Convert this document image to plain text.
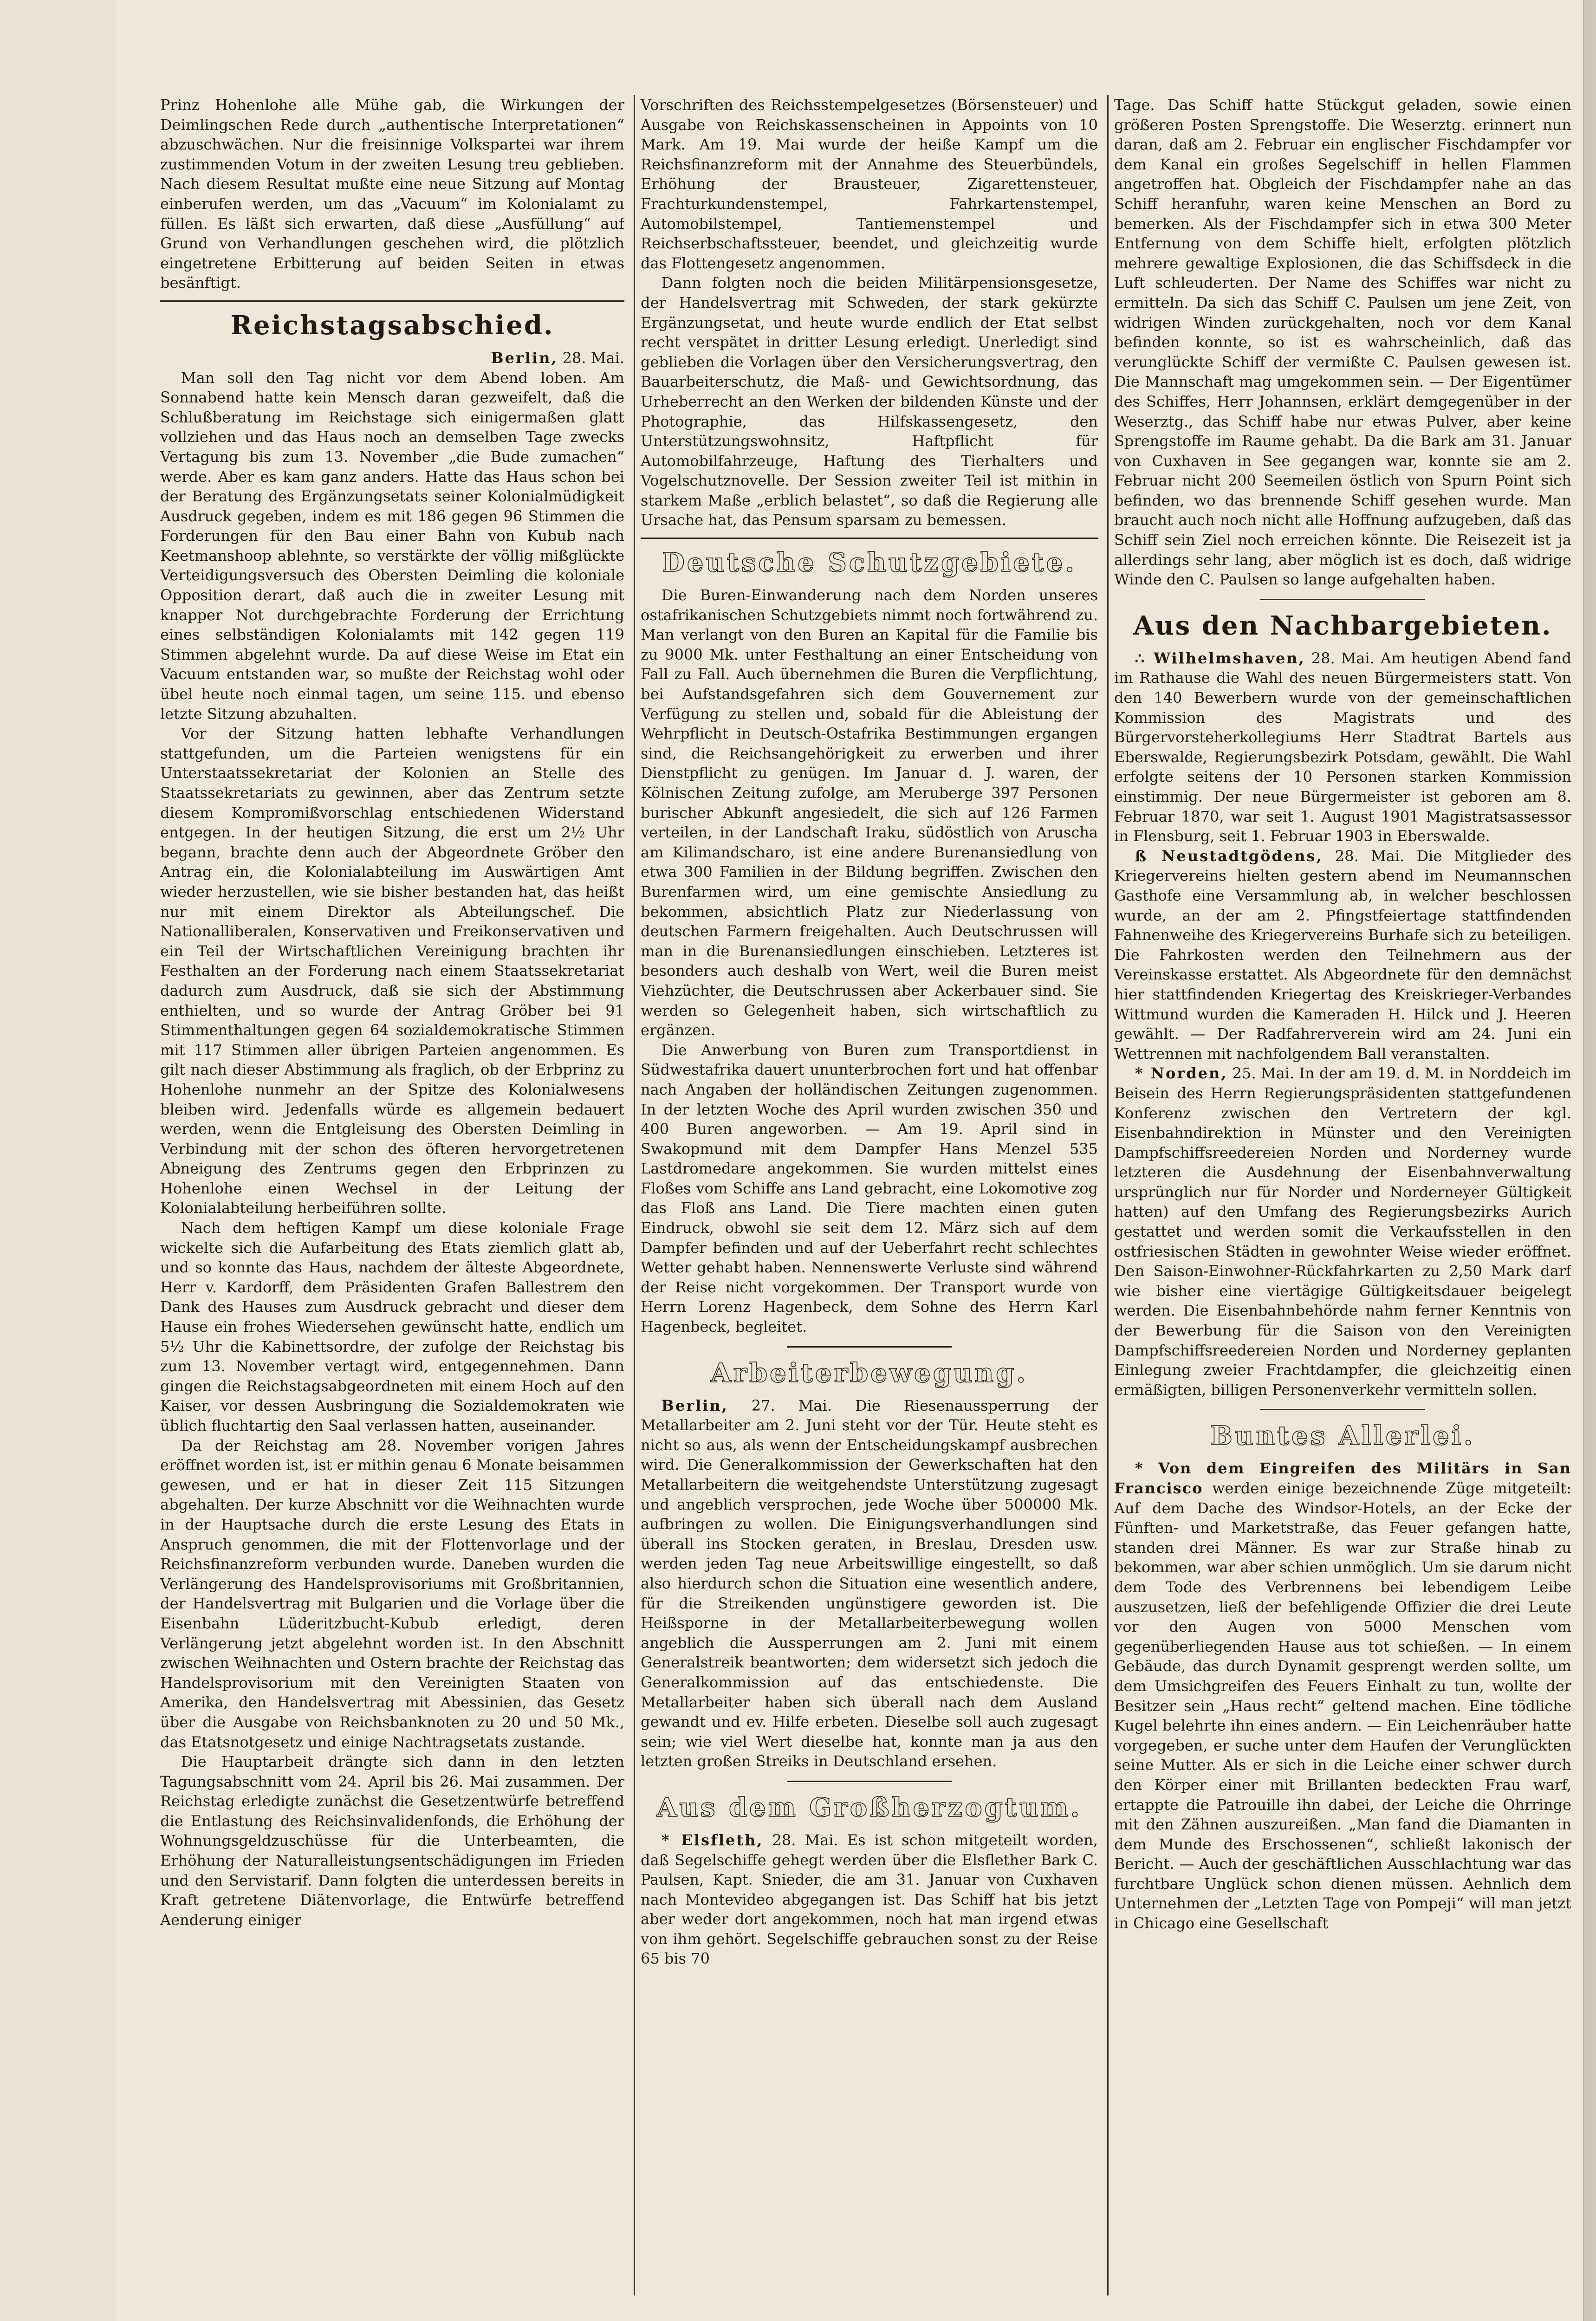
Prinz Hohenlohe alle Mühe gab, die Wirkungen der Deimlingschen Rede durch „authentische Interpretationen“ abzuschwächen. Nur die freisinnige Volkspartei war ihrem zustimmenden Votum in der zweiten Lesung treu geblieben. Nach diesem Resultat mußte eine neue Sitzung auf Montag einberufen werden, um das „Vacuum“ im Kolonialamt zu füllen. Es läßt sich erwarten, daß diese „Ausfüllung“ auf Grund von Verhandlungen geschehen wird, die plötzlich eingetretene Erbitterung auf beiden Seiten in etwas besänftigt.

Reichstagsabschied.

Berlin, 28. Mai.

Man soll den Tag nicht vor dem Abend loben. Am Sonnabend hatte kein Mensch daran gezweifelt, daß die Schlußberatung im Reichstage sich einigermaßen glatt vollziehen und das Haus noch an demselben Tage zwecks Vertagung bis zum 13. November „die Bude zumachen“ werde. Aber es kam ganz anders. Hatte das Haus schon bei der Beratung des Ergänzungsetats seiner Kolonialmüdigkeit Ausdruck gegeben, indem es mit 186 gegen 96 Stimmen die Forderungen für den Bau einer Bahn von Kubub nach Keetmanshoop ablehnte, so verstärkte der völlig mißglückte Verteidigungsversuch des Obersten Deimling die koloniale Opposition derart, daß auch die in zweiter Lesung mit knapper Not durchgebrachte Forderung der Errichtung eines selbständigen Kolonialamts mit 142 gegen 119 Stimmen abgelehnt wurde. Da auf diese Weise im Etat ein Vacuum entstanden war, so mußte der Reichstag wohl oder übel heute noch einmal tagen, um seine 115. und ebenso letzte Sitzung abzuhalten.

Vor der Sitzung hatten lebhafte Verhandlungen stattgefunden, um die Parteien wenigstens für ein Unterstaatssekretariat der Kolonien an Stelle des Staatssekretariats zu gewinnen, aber das Zentrum setzte diesem Kompromißvorschlag entschiedenen Widerstand entgegen. In der heutigen Sitzung, die erst um 2½ Uhr begann, brachte denn auch der Abgeordnete Gröber den Antrag ein, die Kolonialabteilung im Auswärtigen Amt wieder herzustellen, wie sie bisher bestanden hat, das heißt nur mit einem Direktor als Abteilungschef. Die Nationalliberalen, Konservativen und Freikonservativen und ein Teil der Wirtschaftlichen Vereinigung brachten ihr Festhalten an der Forderung nach einem Staatssekretariat dadurch zum Ausdruck, daß sie sich der Abstimmung enthielten, und so wurde der Antrag Gröber bei 91 Stimmenthaltungen gegen 64 sozialdemokratische Stimmen mit 117 Stimmen aller übrigen Parteien angenommen. Es gilt nach dieser Abstimmung als fraglich, ob der Erbprinz zu Hohenlohe nunmehr an der Spitze des Kolonialwesens bleiben wird. Jedenfalls würde es allgemein bedauert werden, wenn die Entgleisung des Obersten Deimling in Verbindung mit der schon des öfteren hervorgetretenen Abneigung des Zentrums gegen den Erbprinzen zu Hohenlohe einen Wechsel in der Leitung der Kolonialabteilung herbeiführen sollte.

Nach dem heftigen Kampf um diese koloniale Frage wickelte sich die Aufarbeitung des Etats ziemlich glatt ab, und so konnte das Haus, nachdem der älteste Abgeordnete, Herr v. Kardorff, dem Präsidenten Grafen Ballestrem den Dank des Hauses zum Ausdruck gebracht und dieser dem Hause ein frohes Wiedersehen gewünscht hatte, endlich um 5½ Uhr die Kabinettsordre, der zufolge der Reichstag bis zum 13. November vertagt wird, entgegennehmen. Dann gingen die Reichstagsabgeordneten mit einem Hoch auf den Kaiser, vor dessen Ausbringung die Sozialdemokraten wie üblich fluchtartig den Saal verlassen hatten, auseinander.

Da der Reichstag am 28. November vorigen Jahres eröffnet worden ist, ist er mithin genau 6 Monate beisammen gewesen, und er hat in dieser Zeit 115 Sitzungen abgehalten. Der kurze Abschnitt vor die Weihnachten wurde in der Hauptsache durch die erste Lesung des Etats in Anspruch genommen, die mit der Flottenvorlage und der Reichsfinanzreform verbunden wurde. Daneben wurden die Verlängerung des Handelsprovisoriums mit Großbritannien, der Handelsvertrag mit Bulgarien und die Vorlage über die Eisenbahn Lüderitzbucht-Kubub erledigt, deren Verlängerung jetzt abgelehnt worden ist. In den Abschnitt zwischen Weihnachten und Ostern brachte der Reichstag das Handelsprovisorium mit den Vereinigten Staaten von Amerika, den Handelsvertrag mit Abessinien, das Gesetz über die Ausgabe von Reichsbanknoten zu 20 und 50 Mk., das Etatsnotgesetz und einige Nachtragsetats zustande.

Die Hauptarbeit drängte sich dann in den letzten Tagungsabschnitt vom 24. April bis 26. Mai zusammen. Der Reichstag erledigte zunächst die Gesetzentwürfe betreffend die Entlastung des Reichsinvalidenfonds, die Erhöhung der Wohnungsgeldzuschüsse für die Unterbeamten, die Erhöhung der Naturalleistungsentschädigungen im Frieden und den Servistarif. Dann folgten die unterdessen bereits in Kraft getretene Diätenvorlage, die Entwürfe betreffend Aenderung einiger

Vorschriften des Reichsstempelgesetzes (Börsensteuer) und Ausgabe von Reichskassenscheinen in Appoints von 10 Mark. Am 19. Mai wurde der heiße Kampf um die Reichsfinanzreform mit der Annahme des Steuerbündels, Erhöhung der Brausteuer, Zigarettensteuer, Frachturkundenstempel, Fahrkartenstempel, Automobilstempel, Tantiemenstempel und Reichserbschaftssteuer, beendet, und gleichzeitig wurde das Flottengesetz angenommen.

Dann folgten noch die beiden Militärpensionsgesetze, der Handelsvertrag mit Schweden, der stark gekürzte Ergänzungsetat, und heute wurde endlich der Etat selbst recht verspätet in dritter Lesung erledigt. Unerledigt sind geblieben die Vorlagen über den Versicherungsvertrag, den Bauarbeiterschutz, die Maß- und Gewichtsordnung, das Urheberrecht an den Werken der bildenden Künste und der Photographie, das Hilfskassengesetz, den Unterstützungswohnsitz, Haftpflicht für Automobilfahrzeuge, Haftung des Tierhalters und Vogelschutznovelle. Der Session zweiter Teil ist mithin in starkem Maße „erblich belastet“, so daß die Regierung alle Ursache hat, das Pensum sparsam zu bemessen.

Deutsche Schutzgebiete.

Die Buren-Einwanderung nach dem Norden unseres ostafrikanischen Schutzgebiets nimmt noch fortwährend zu. Man verlangt von den Buren an Kapital für die Familie bis zu 9000 Mk. unter Festhaltung an einer Entscheidung von Fall zu Fall. Auch übernehmen die Buren die Verpflichtung, bei Aufstandsgefahren sich dem Gouvernement zur Verfügung zu stellen und, sobald für die Ableistung der Wehrpflicht in Deutsch-Ostafrika Bestimmungen ergangen sind, die Reichsangehörigkeit zu erwerben und ihrer Dienstpflicht zu genügen. Im Januar d. J. waren, der Kölnischen Zeitung zufolge, am Meruberge 397 Personen burischer Abkunft angesiedelt, die sich auf 126 Farmen verteilen, in der Landschaft Iraku, südöstlich von Aruscha am Kilimandscharo, ist eine andere Burenansiedlung von etwa 300 Familien in der Bildung begriffen. Zwischen den Burenfarmen wird, um eine gemischte Ansiedlung zu bekommen, absichtlich Platz zur Niederlassung von deutschen Farmern freigehalten. Auch Deutschrussen will man in die Burenansiedlungen einschieben. Letzteres ist besonders auch deshalb von Wert, weil die Buren meist Viehzüchter, die Deutschrussen aber Ackerbauer sind. Sie werden so Gelegenheit haben, sich wirtschaftlich zu ergänzen.

Die Anwerbung von Buren zum Transportdienst in Südwestafrika dauert ununterbrochen fort und hat offenbar nach Angaben der holländischen Zeitungen zugenommen. In der letzten Woche des April wurden zwischen 350 und 400 Buren angeworben. — Am 19. April sind in Swakopmund mit dem Dampfer Hans Menzel 535 Lastdromedare angekommen. Sie wurden mittelst eines Floßes vom Schiffe ans Land gebracht, eine Lokomotive zog das Floß ans Land. Die Tiere machten einen guten Eindruck, obwohl sie seit dem 12. März sich auf dem Dampfer befinden und auf der Ueberfahrt recht schlechtes Wetter gehabt haben. Nennenswerte Verluste sind während der Reise nicht vorgekommen. Der Transport wurde von Herrn Lorenz Hagenbeck, dem Sohne des Herrn Karl Hagenbeck, begleitet.

Arbeiterbewegung.

Berlin, 27. Mai. Die Riesenaussperrung der Metallarbeiter am 2. Juni steht vor der Tür. Heute steht es nicht so aus, als wenn der Entscheidungskampf ausbrechen wird. Die Generalkommission der Gewerkschaften hat den Metallarbeitern die weitgehendste Unterstützung zugesagt und angeblich versprochen, jede Woche über 500000 Mk. aufbringen zu wollen. Die Einigungsverhandlungen sind überall ins Stocken geraten, in Breslau, Dresden usw. werden jeden Tag neue Arbeitswillige eingestellt, so daß also hierdurch schon die Situation eine wesentlich andere, für die Streikenden ungünstigere geworden ist. Die Heißsporne in der Metallarbeiterbewegung wollen angeblich die Aussperrungen am 2. Juni mit einem Generalstreik beantworten; dem widersetzt sich jedoch die Generalkommission auf das entschiedenste. Die Metallarbeiter haben sich überall nach dem Ausland gewandt und ev. Hilfe erbeten. Dieselbe soll auch zugesagt sein; wie viel Wert dieselbe hat, konnte man ja aus den letzten großen Streiks in Deutschland ersehen.

Aus dem Großherzogtum.

* Elsfleth, 28. Mai. Es ist schon mitgeteilt worden, daß Segelschiffe gehegt werden über die Elsflether Bark C. Paulsen, Kapt. Snieder, die am 31. Januar von Cuxhaven nach Montevideo abgegangen ist. Das Schiff hat bis jetzt aber weder dort angekommen, noch hat man irgend etwas von ihm gehört. Segelschiffe gebrauchen sonst zu der Reise 65 bis 70

Tage. Das Schiff hatte Stückgut geladen, sowie einen größeren Posten Sprengstoffe. Die Weserztg. erinnert nun daran, daß am 2. Februar ein englischer Fischdampfer vor dem Kanal ein großes Segelschiff in hellen Flammen angetroffen hat. Obgleich der Fischdampfer nahe an das Schiff heranfuhr, waren keine Menschen an Bord zu bemerken. Als der Fischdampfer sich in etwa 300 Meter Entfernung von dem Schiffe hielt, erfolgten plötzlich mehrere gewaltige Explosionen, die das Schiffsdeck in die Luft schleuderten. Der Name des Schiffes war nicht zu ermitteln. Da sich das Schiff C. Paulsen um jene Zeit, von widrigen Winden zurückgehalten, noch vor dem Kanal befinden konnte, so ist es wahrscheinlich, daß das verunglückte Schiff der vermißte C. Paulsen gewesen ist. Die Mannschaft mag umgekommen sein. — Der Eigentümer des Schiffes, Herr Johannsen, erklärt demgegenüber in der Weserztg., das Schiff habe nur etwas Pulver, aber keine Sprengstoffe im Raume gehabt. Da die Bark am 31. Januar von Cuxhaven in See gegangen war, konnte sie am 2. Februar nicht 200 Seemeilen östlich von Spurn Point sich befinden, wo das brennende Schiff gesehen wurde. Man braucht auch noch nicht alle Hoffnung aufzugeben, daß das Schiff sein Ziel noch erreichen könnte. Die Reisezeit ist ja allerdings sehr lang, aber möglich ist es doch, daß widrige Winde den C. Paulsen so lange aufgehalten haben.

Aus den Nachbargebieten.

∴ Wilhelmshaven, 28. Mai. Am heutigen Abend fand im Rathause die Wahl des neuen Bürgermeisters statt. Von den 140 Bewerbern wurde von der gemeinschaftlichen Kommission des Magistrats und des Bürgervorsteherkollegiums Herr Stadtrat Bartels aus Eberswalde, Regierungsbezirk Potsdam, gewählt. Die Wahl erfolgte seitens der 10 Personen starken Kommission einstimmig. Der neue Bürgermeister ist geboren am 8. Februar 1870, war seit 1. August 1901 Magistratsassessor in Flensburg, seit 1. Februar 1903 in Eberswalde.

ß Neustadtgödens, 28. Mai. Die Mitglieder des Kriegervereins hielten gestern abend im Neumannschen Gasthofe eine Versammlung ab, in welcher beschlossen wurde, an der am 2. Pfingstfeiertage stattfindenden Fahnenweihe des Kriegervereins Burhafe sich zu beteiligen. Die Fahrkosten werden den Teilnehmern aus der Vereinskasse erstattet. Als Abgeordnete für den demnächst hier stattfindenden Kriegertag des Kreiskrieger-Verbandes Wittmund wurden die Kameraden H. Hilck und J. Heeren gewählt. — Der Radfahrerverein wird am 24. Juni ein Wettrennen mit nachfolgendem Ball veranstalten.

* Norden, 25. Mai. In der am 19. d. M. in Norddeich im Beisein des Herrn Regierungspräsidenten stattgefundenen Konferenz zwischen den Vertretern der kgl. Eisenbahndirektion in Münster und den Vereinigten Dampfschiffsreedereien Norden und Norderney wurde letzteren die Ausdehnung der Eisenbahnverwaltung ursprünglich nur für Norder und Norderneyer Gültigkeit hatten) auf den Umfang des Regierungsbezirks Aurich gestattet und werden somit die Verkaufsstellen in den ostfriesischen Städten in gewohnter Weise wieder eröffnet. Den Saison-Einwohner-Rückfahrkarten zu 2,50 Mark darf wie bisher eine viertägige Gültigkeitsdauer beigelegt werden. Die Eisenbahnbehörde nahm ferner Kenntnis von der Bewerbung für die Saison von den Vereinigten Dampfschiffsreedereien Norden und Norderney geplanten Einlegung zweier Frachtdampfer, die gleichzeitig einen ermäßigten, billigen Personenverkehr vermitteln sollen.

Buntes Allerlei.

* Von dem Eingreifen des Militärs in San Francisco werden einige bezeichnende Züge mitgeteilt: Auf dem Dache des Windsor-Hotels, an der Ecke der Fünften- und Marketstraße, das Feuer gefangen hatte, standen drei Männer. Es war zur Straße hinab zu bekommen, war aber schien unmöglich. Um sie darum nicht dem Tode des Verbrennens bei lebendigem Leibe auszusetzen, ließ der befehligende Offizier die drei Leute vor den Augen von 5000 Menschen vom gegenüberliegenden Hause aus tot schießen. — In einem Gebäude, das durch Dynamit gesprengt werden sollte, um dem Umsichgreifen des Feuers Einhalt zu tun, wollte der Besitzer sein „Haus recht“ geltend machen. Eine tödliche Kugel belehrte ihn eines andern. — Ein Leichenräuber hatte vorgegeben, er suche unter dem Haufen der Verunglückten seine Mutter. Als er sich in die Leiche einer schwer durch den Körper einer mit Brillanten bedeckten Frau warf, ertappte die Patrouille ihn dabei, der Leiche die Ohrringe mit den Zähnen auszureißen. „Man fand die Diamanten in dem Munde des Erschossenen“, schließt lakonisch der Bericht. — Auch der geschäftlichen Ausschlachtung war das furchtbare Unglück schon dienen müssen. Aehnlich dem Unternehmen der „Letzten Tage von Pompeji“ will man jetzt in Chicago eine Gesellschaft
